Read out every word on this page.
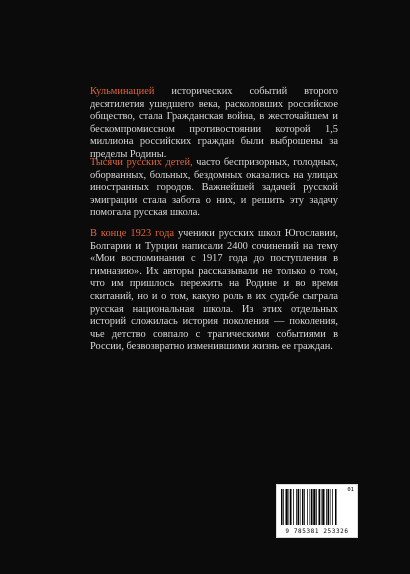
Кульминацией исторических событий второго десятилетия ушедшего века, расколовших российское общество, стала Гражданская война, в жесточайшем и бескомпромиссном противостоянии которой 1,5 миллиона российских граждан были выброшены за пределы Родины.
Тысячи русских детей, часто беспризорных, голодных, оборванных, больных, бездомных оказались на улицах иностранных городов. Важнейшей задачей русской эмиграции стала забота о них, и решить эту задачу помогала русская школа.
В конце 1923 года ученики русских школ Югославии, Болгарии и Турции написали 2400 сочинений на тему «Мои воспоминания с 1917 года до поступления в гимназию». Их авторы рассказывали не только о том, что им пришлось пережить на Родине и во время скитаний, но и о том, какую роль в их судьбе сыграла русская национальная школа. Из этих отдельных историй сложилась история поколения — поколения, чье детство совпало с трагическими событиями в России, безвозвратно изменившими жизнь ее граждан.
01
9 785381 253326
